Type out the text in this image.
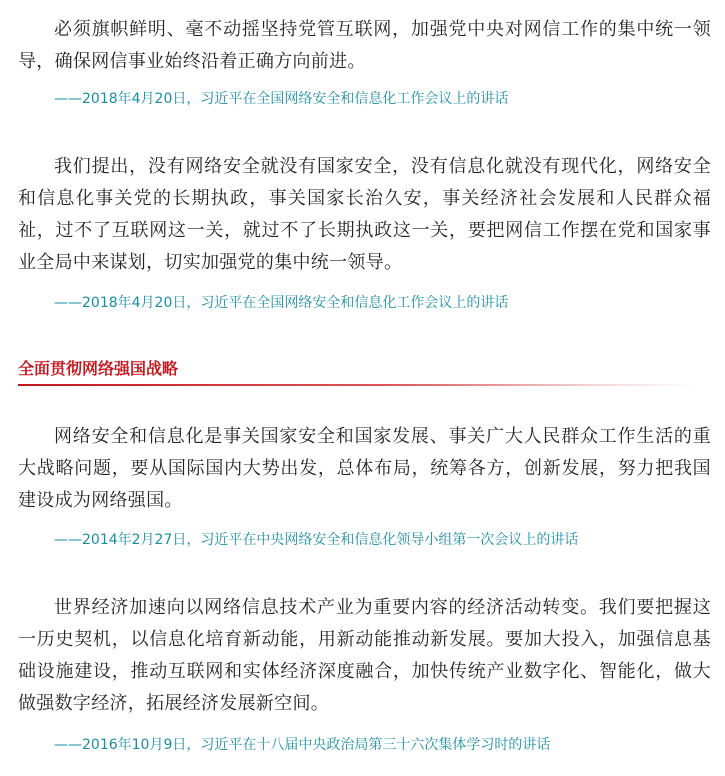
必须旗帜鲜明、毫不动摇坚持党管互联网，加强党中央对网信工作的集中统一领导，确保网信事业始终沿着正确方向前进。

——2018年4月20日，习近平在全国网络安全和信息化工作会议上的讲话

我们提出，没有网络安全就没有国家安全，没有信息化就没有现代化，网络安全和信息化事关党的长期执政，事关国家长治久安，事关经济社会发展和人民群众福祉，过不了互联网这一关，就过不了长期执政这一关，要把网信工作摆在党和国家事业全局中来谋划，切实加强党的集中统一领导。

——2018年4月20日，习近平在全国网络安全和信息化工作会议上的讲话
全面贯彻网络强国战略

网络安全和信息化是事关国家安全和国家发展、事关广大人民群众工作生活的重大战略问题，要从国际国内大势出发，总体布局，统筹各方，创新发展，努力把我国建设成为网络强国。

——2014年2月27日，习近平在中央网络安全和信息化领导小组第一次会议上的讲话

世界经济加速向以网络信息技术产业为重要内容的经济活动转变。我们要把握这一历史契机，以信息化培育新动能，用新动能推动新发展。要加大投入，加强信息基础设施建设，推动互联网和实体经济深度融合，加快传统产业数字化、智能化，做大做强数字经济，拓展经济发展新空间。

——2016年10月9日，习近平在十八届中央政治局第三十六次集体学习时的讲话
